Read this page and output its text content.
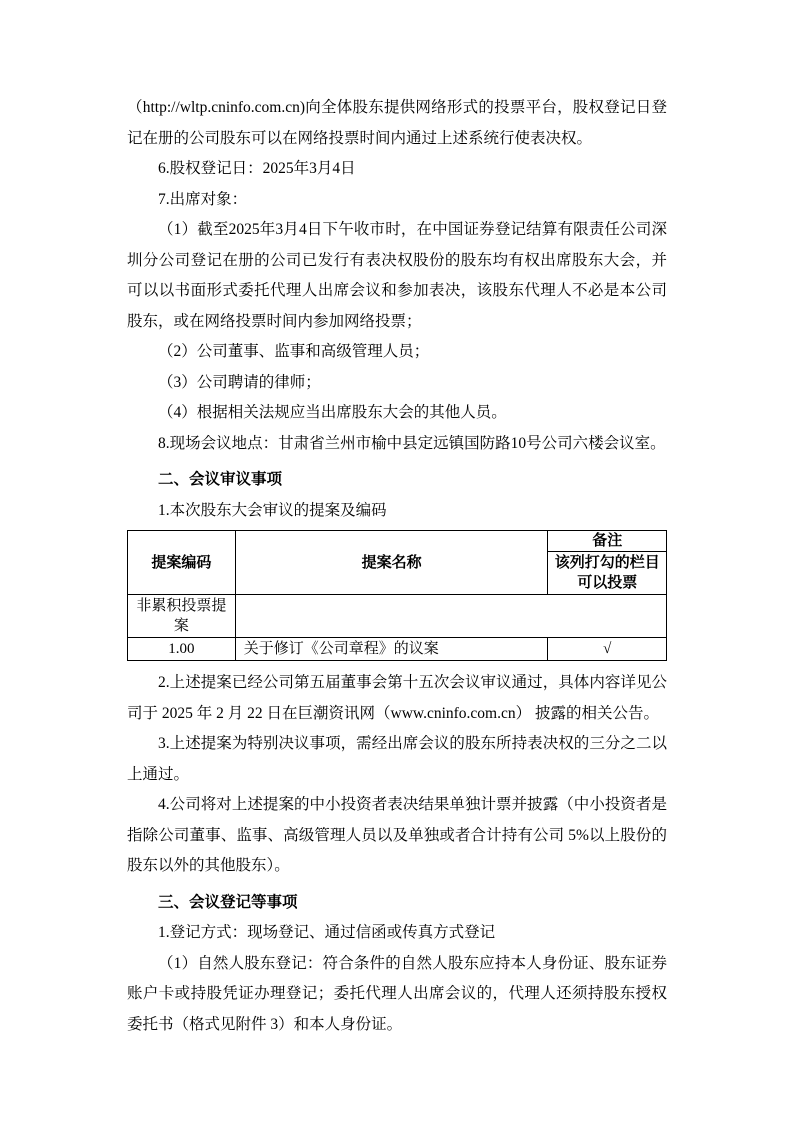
（http://wltp.cninfo.com.cn)向全体股东提供网络形式的投票平台，股权登记日登记在册的公司股东可以在网络投票时间内通过上述系统行使表决权。

6.股权登记日：2025年3月4日

7.出席对象：

（1）截至2025年3月4日下午收市时，在中国证券登记结算有限责任公司深圳分公司登记在册的公司已发行有表决权股份的股东均有权出席股东大会，并可以以书面形式委托代理人出席会议和参加表决，该股东代理人不必是本公司股东，或在网络投票时间内参加网络投票；

（2）公司董事、监事和高级管理人员；

（3）公司聘请的律师；

（4）根据相关法规应当出席股东大会的其他人员。

8.现场会议地点：甘肃省兰州市榆中县定远镇国防路10号公司六楼会议室。

二、会议审议事项

1.本次股东大会审议的提案及编码

提案编码	提案名称	备注

		该列打勾的栏目
可以投票

非累积投票提案		
1.00	关于修订《公司章程》的议案	√

2.上述提案已经公司第五届董事会第十五次会议审议通过，具体内容详见公司于 2025 年 2 月 22 日在巨潮资讯网（www.cninfo.com.cn） 披露的相关公告。

3.上述提案为特别决议事项，需经出席会议的股东所持表决权的三分之二以上通过。

4.公司将对上述提案的中小投资者表决结果单独计票并披露（中小投资者是指除公司董事、监事、高级管理人员以及单独或者合计持有公司 5%以上股份的股东以外的其他股东）。

三、会议登记等事项

1.登记方式：现场登记、通过信函或传真方式登记

（1）自然人股东登记：符合条件的自然人股东应持本人身份证、股东证券账户卡或持股凭证办理登记；委托代理人出席会议的，代理人还须持股东授权委托书（格式见附件 3）和本人身份证。
